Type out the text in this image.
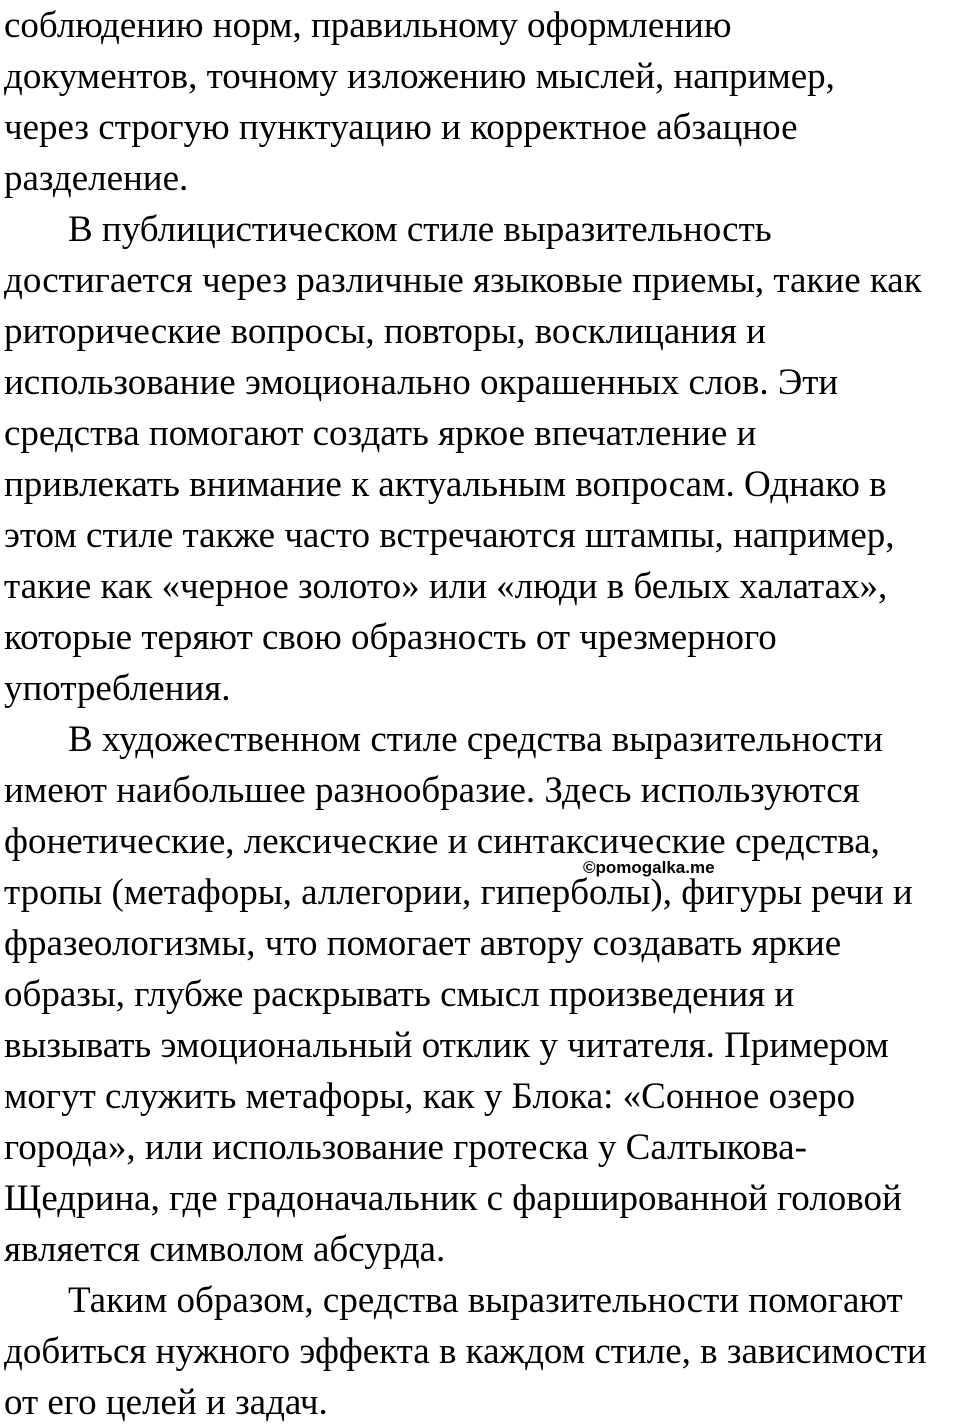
соблюдению норм, правильному оформлению
документов, точному изложению мыслей, например,
через строгую пунктуацию и корректное абзацное
разделение.
В публицистическом стиле выразительность
достигается через различные языковые приемы, такие как
риторические вопросы, повторы, восклицания и
использование эмоционально окрашенных слов. Эти
средства помогают создать яркое впечатление и
привлекать внимание к актуальным вопросам. Однако в
этом стиле также часто встречаются штампы, например,
такие как «черное золото» или «люди в белых халатах»,
которые теряют свою образность от чрезмерного
употребления.
В художественном стиле средства выразительности
имеют наибольшее разнообразие. Здесь используются
фонетические, лексические и синтаксические средства,
тропы (метафоры, аллегории, гиперболы), фигуры речи и
фразеологизмы, что помогает автору создавать яркие
образы, глубже раскрывать смысл произведения и
вызывать эмоциональный отклик у читателя. Примером
могут служить метафоры, как у Блока: «Сонное озеро
города», или использование гротеска у Салтыкова-
Щедрина, где градоначальник с фаршированной головой
является символом абсурда.
Таким образом, средства выразительности помогают
добиться нужного эффекта в каждом стиле, в зависимости
от его целей и задач.
©pomogalka.me
